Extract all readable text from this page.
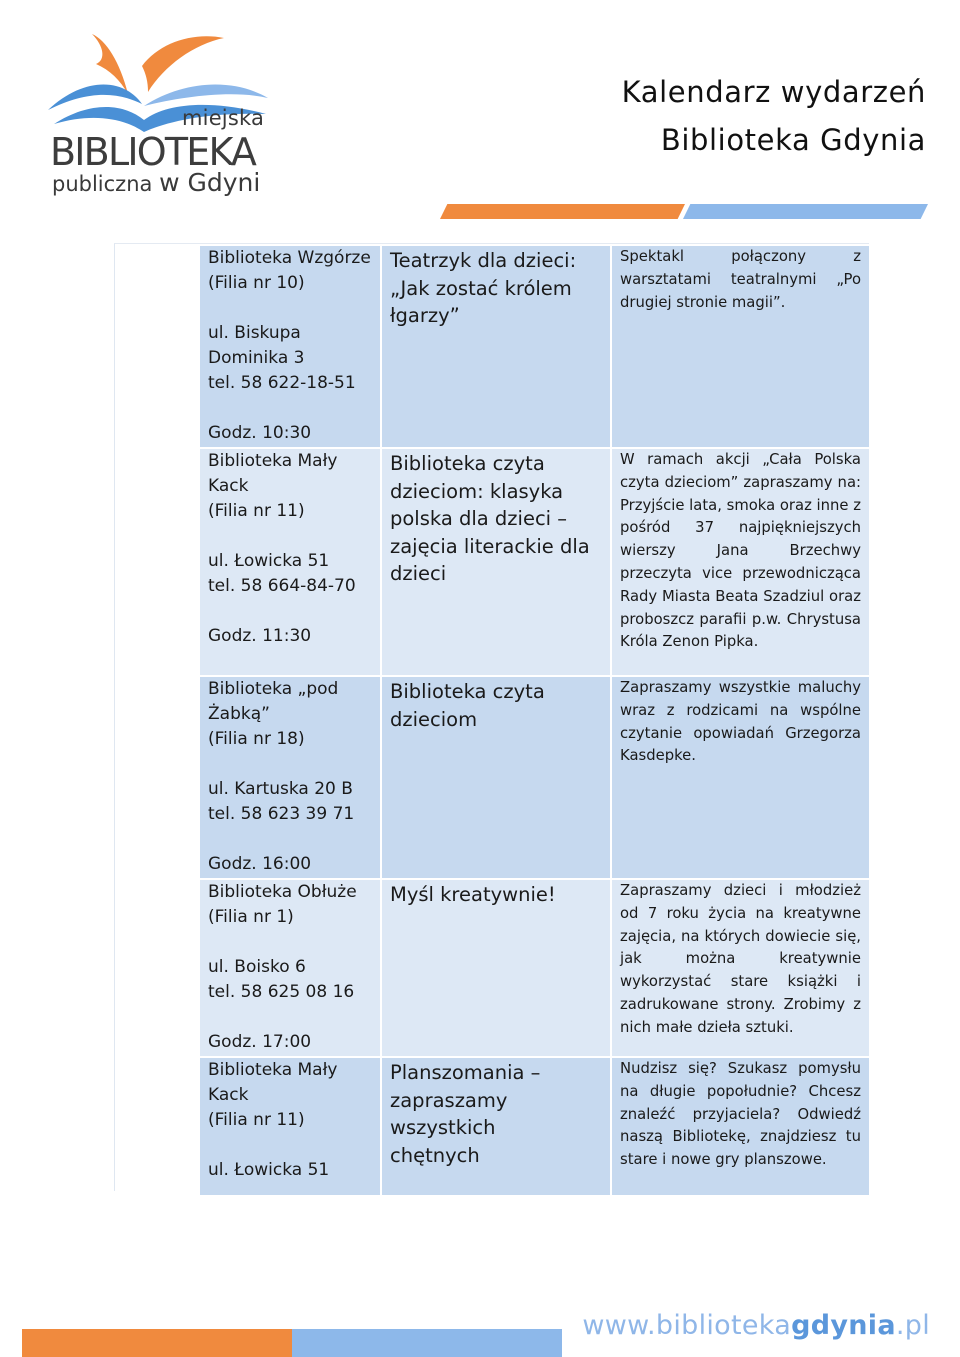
miejska
BIBLIOTEKA
publiczna w Gdyni
Kalendarz wydarzeń
Biblioteka Gdynia
Biblioteka Wzgórze
(Filia nr 10)
ul. Biskupa
Dominika 3
tel. 58 622-18-51
Godz. 10:30
Teatrzyk dla dzieci:
„Jak zostać królem
łgarzy”
Spektakl połączony z warsztatami teatralnymi „Po drugiej stronie magii”.
Biblioteka Mały
Kack
(Filia nr 11)
ul. Łowicka 51
tel. 58 664-84-70
Godz. 11:30
Biblioteka czyta
dzieciom: klasyka
polska dla dzieci –
zajęcia literackie dla
dzieci
W ramach akcji „Cała Polska czyta dzieciom” zapraszamy na: Przyjście lata, smoka oraz inne z pośród 37 najpiękniejszych wierszy Jana Brzechwy przeczyta vice przewodnicząca Rady Miasta Beata Szadziul oraz proboszcz parafii p.w. Chrystusa Króla Zenon Pipka.
Biblioteka „pod
Żabką”
(Filia nr 18)
ul. Kartuska 20 B
tel. 58 623 39 71
Godz. 16:00
Biblioteka czyta
dzieciom
Zapraszamy wszystkie maluchy wraz z rodzicami na wspólne czytanie opowiadań Grzegorza Kasdepke.
Biblioteka Obłuże
(Filia nr 1)
ul. Boisko 6
tel. 58 625 08 16
Godz. 17:00
Myśl kreatywnie!	Zapraszamy dzieci i młodzież od 7 roku życia na kreatywne zajęcia, na których dowiecie się, jak można kreatywnie wykorzystać stare książki i zadrukowane strony. Zrobimy z nich małe dzieła sztuki.
Biblioteka Mały
Kack
(Filia nr 11)
ul. Łowicka 51
Planszomania –
zapraszamy wszystkich
chętnych
Nudzisz się? Szukasz pomysłu na długie popołudnie? Chcesz znaleźć przyjaciela? Odwiedź naszą Bibliotekę, znajdziesz tu stare i nowe gry planszowe.
www.bibliotekagdynia.pl
